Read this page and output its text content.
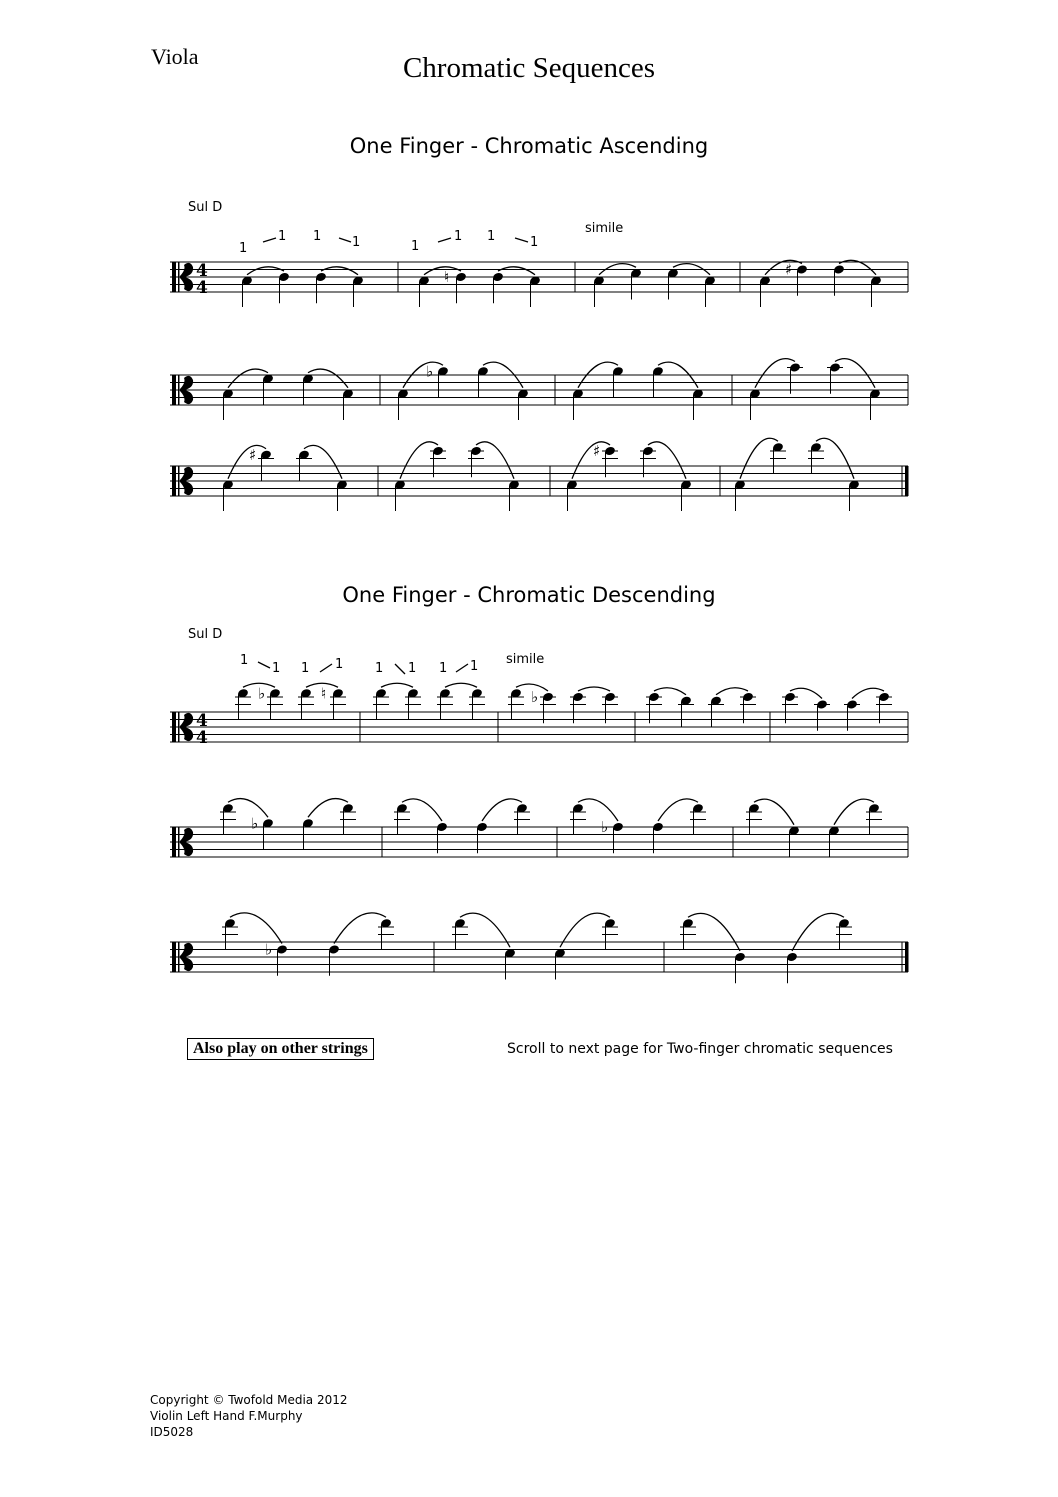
Viola	Chromatic Sequences
One Finger - Chromatic Ascending
Sul D
simile
4
4
♮	♯
1
1 1 1	1
1 1	1
♭
♯	♯
One Finger - Chromatic Descending
Sul D
simile
4
4
♭	♮	♭
1
1 1 1 1 1 1 1
♭	♭
♭
Also play on other strings	Scroll to next page for Two-finger chromatic sequences
Copyright © Twofold Media 2012
Violin Left Hand F.Murphy
ID5028
